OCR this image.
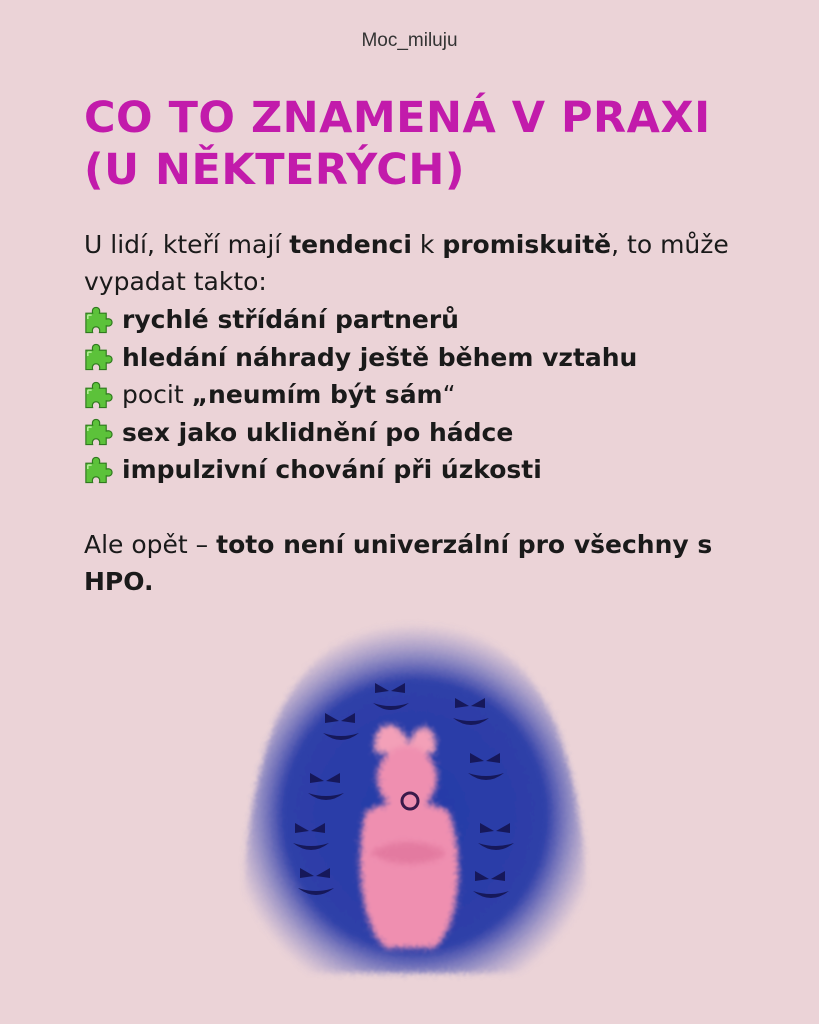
Moc_miluju
CO TO ZNAMENÁ V PRAXI (U NĚKTERÝCH)

U lidí, kteří mají tendenci k promiskuitě, to může vypadat takto:

rychlé střídání partnerů
hledání náhrady ještě během vztahu
pocit „neumím být sám“
sex jako uklidnění po hádce
impulzivní chování při úzkosti

Ale opět – toto není univerzální pro všechny s HPO.
